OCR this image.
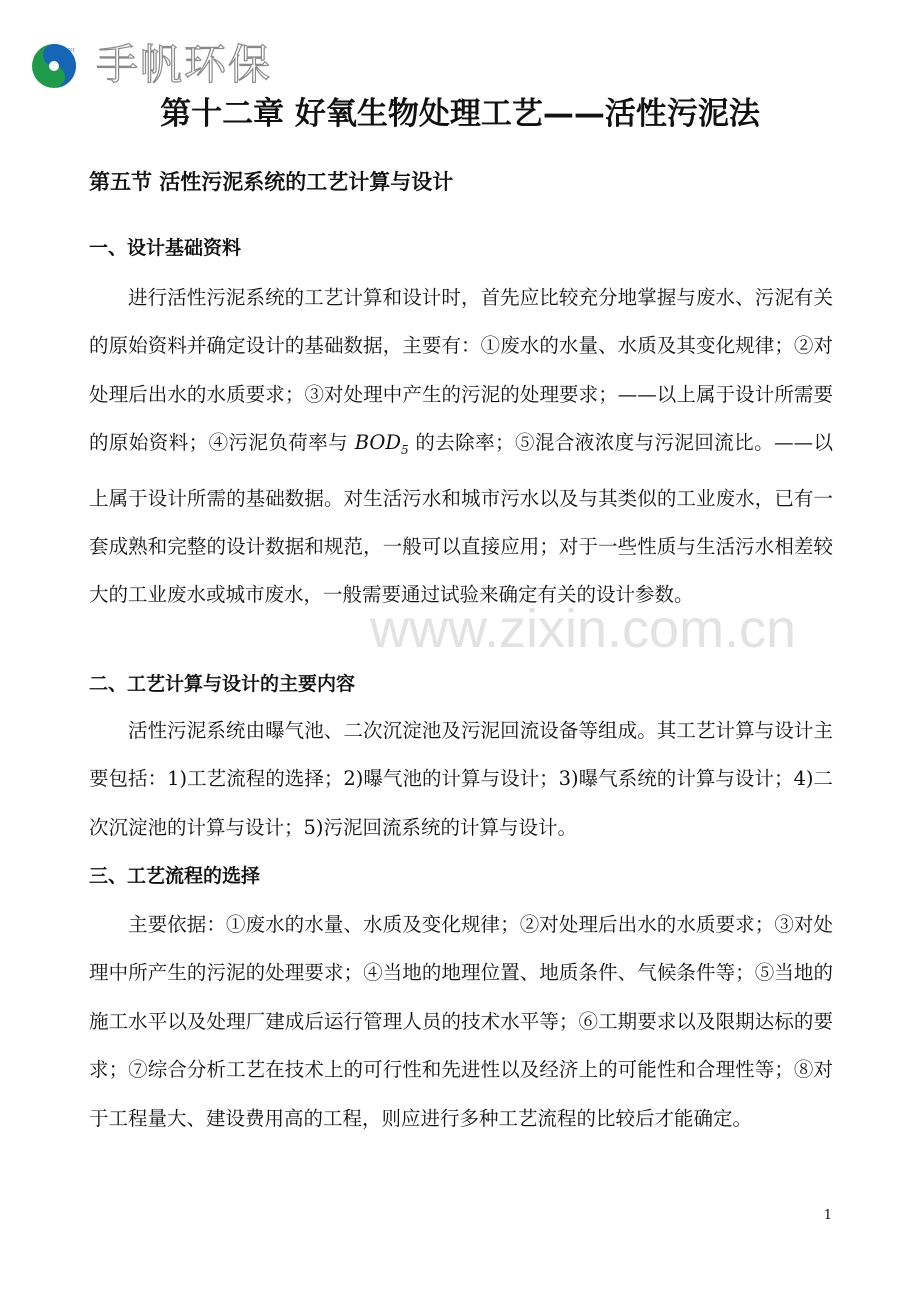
CHEFF 手帆环保
www.zixin.com.cn
第十二章 好氧生物处理工艺——活性污泥法
第五节 活性污泥系统的工艺计算与设计
一、设计基础资料

进行活性污泥系统的工艺计算和设计时，首先应比较充分地掌握与废水、污泥有关的原始资料并确定设计的基础数据，主要有：①废水的水量、水质及其变化规律；②对处理后出水的水质要求；③对处理中产生的污泥的处理要求；——以上属于设计所需要的原始资料；④污泥负荷率与 $BOD_5$ 的去除率；⑤混合液浓度与污泥回流比。——以上属于设计所需的基础数据。对生活污水和城市污水以及与其类似的工业废水，已有一套成熟和完整的设计数据和规范，一般可以直接应用；对于一些性质与生活污水相差较大的工业废水或城市废水，一般需要通过试验来确定有关的设计参数。

二、工艺计算与设计的主要内容

活性污泥系统由曝气池、二次沉淀池及污泥回流设备等组成。其工艺计算与设计主要包括：1)工艺流程的选择；2)曝气池的计算与设计；3)曝气系统的计算与设计；4)二次沉淀池的计算与设计；5)污泥回流系统的计算与设计。

三、工艺流程的选择

主要依据：①废水的水量、水质及变化规律；②对处理后出水的水质要求；③对处理中所产生的污泥的处理要求；④当地的地理位置、地质条件、气候条件等；⑤当地的施工水平以及处理厂建成后运行管理人员的技术水平等；⑥工期要求以及限期达标的要求；⑦综合分析工艺在技术上的可行性和先进性以及经济上的可能性和合理性等；⑧对于工程量大、建设费用高的工程，则应进行多种工艺流程的比较后才能确定。

1
